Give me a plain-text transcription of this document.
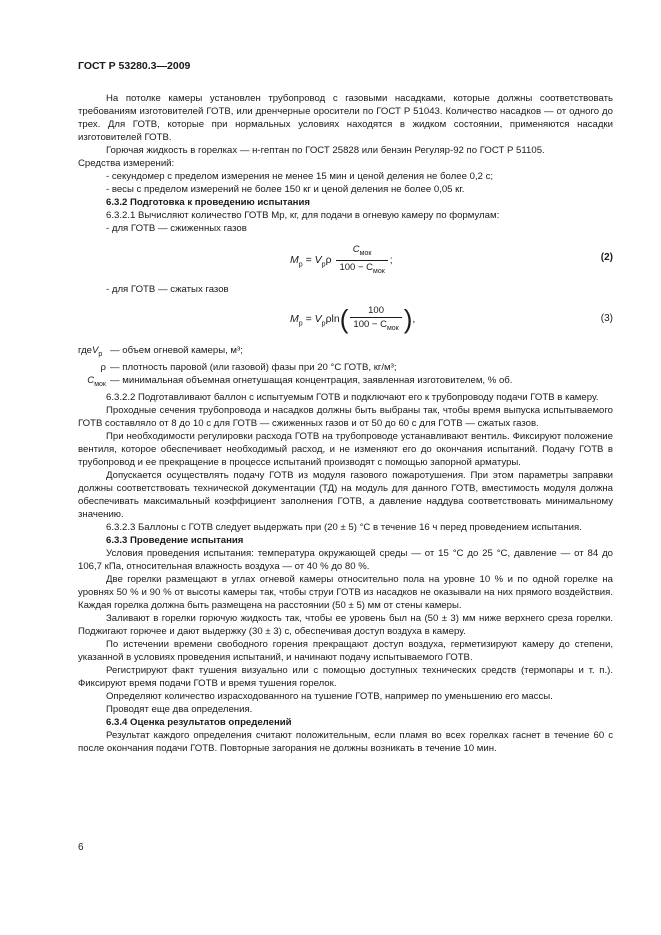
ГОСТ Р 53280.3—2009

На потолке камеры установлен трубопровод с газовыми насадками, которые должны соответствовать требованиям изготовителей ГОТВ, или дренчерные оросители по ГОСТ Р 51043. Количество насадков — от одного до трех. Для ГОТВ, которые при нормальных условиях находятся в жидком состоянии, применяются насадки изготовителей ГОТВ.

Горючая жидкость в горелках — н-гептан по ГОСТ 25828 или бензин Регуляр-92 по ГОСТ Р 51105.

Средства измерений:

- секундомер с пределом измерения не менее 15 мин и ценой деления не более 0,2 с;

- весы с пределом измерений не более 150 кг и ценой деления не более 0,05 кг.

6.3.2 Подготовка к проведению испытания

6.3.2.1 Вычисляют количество ГОТВ Mp, кг, для подачи в огневую камеру по формулам:

- для ГОТВ — сжиженных газов

$M_p = V_p\rho \frac{C_{мок}}{100 - C_{мок}}$ ;	(2)

- для ГОТВ — сжатых газов

$M_p = V_p\rho\ln( \frac{100}{100 - C_{мок}}$ ),	(3)
гдеV$_p$ — объем огневой камеры, м³;
ρ — плотность паровой (или газовой) фазы при 20 °С ГОТВ, кг/м³;
$C_{мок}$ — минимальная объемная огнетушащая концентрация, заявленная изготовителем, % об.

6.3.2.2 Подготавливают баллон с испытуемым ГОТВ и подключают его к трубопроводу подачи ГОТВ в камеру.

Проходные сечения трубопровода и насадков должны быть выбраны так, чтобы время выпуска испытываемого ГОТВ составляло от 8 до 10 с для ГОТВ — сжиженных газов и от 50 до 60 с для ГОТВ — сжатых газов.

При необходимости регулировки расхода ГОТВ на трубопроводе устанавливают вентиль. Фиксируют положение вентиля, которое обеспечивает необходимый расход, и не изменяют его до окончания испытаний. Подачу ГОТВ в трубопровод и ее прекращение в процессе испытаний производят с помощью запорной арматуры.

Допускается осуществлять подачу ГОТВ из модуля газового пожаротушения. При этом параметры заправки должны соответствовать технической документации (ТД) на модуль для данного ГОТВ, вместимость модуля должна обеспечивать максимальный коэффициент заполнения ГОТВ, а давление наддува соответствовать минимальному значению.

6.3.2.3 Баллоны с ГОТВ следует выдержать при (20 ± 5) °С в течение 16 ч перед проведением испытания.

6.3.3 Проведение испытания

Условия проведения испытания: температура окружающей среды — от 15 °С до 25 °С, давление — от 84 до 106,7 кПа, относительная влажность воздуха — от 40 % до 80 %.

Две горелки размещают в углах огневой камеры относительно пола на уровне 10 % и по одной горелке на уровнях 50 % и 90 % от высоты камеры так, чтобы струи ГОТВ из насадков не оказывали на них прямого воздействия. Каждая горелка должна быть размещена на расстоянии (50 ± 5) мм от стены камеры.

Заливают в горелки горючую жидкость так, чтобы ее уровень был на (50 ± 3) мм ниже верхнего среза горелки. Поджигают горючее и дают выдержку (30 ± 3) с, обеспечивая доступ воздуха в камеру.

По истечении времени свободного горения прекращают доступ воздуха, герметизируют камеру до степени, указанной в условиях проведения испытаний, и начинают подачу испытываемого ГОТВ.

Регистрируют факт тушения визуально или с помощью доступных технических средств (термопары и т. п.). Фиксируют время подачи ГОТВ и время тушения горелок.

Определяют количество израсходованного на тушение ГОТВ, например по уменьшению его массы.

Проводят еще два определения.

6.3.4 Оценка результатов определений

Результат каждого определения считают положительным, если пламя во всех горелках гаснет в течение 60 с после окончания подачи ГОТВ. Повторные загорания не должны возникать в течение 10 мин.

6
